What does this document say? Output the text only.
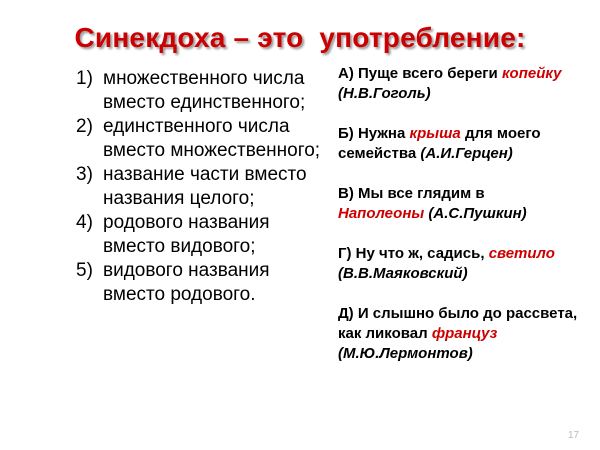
Синекдоха – это  употребление:
1) множественного числа вместо единственного;
2) единственного числа вместо множественного;
3) название части вместо названия целого;
4) родового названия вместо видового;
5) видового названия вместо родового.
А) Пуще всего береги копейку
(Н.В.Гоголь)
Б) Нужна крыша для моего семейства (А.И.Герцен)
В) Мы все глядим в
Наполеоны (А.С.Пушкин)
Г) Ну что ж, садись, светило
(В.В.Маяковский)
Д) И слышно было до рассвета, как ликовал француз (М.Ю.Лермонтов)
17
